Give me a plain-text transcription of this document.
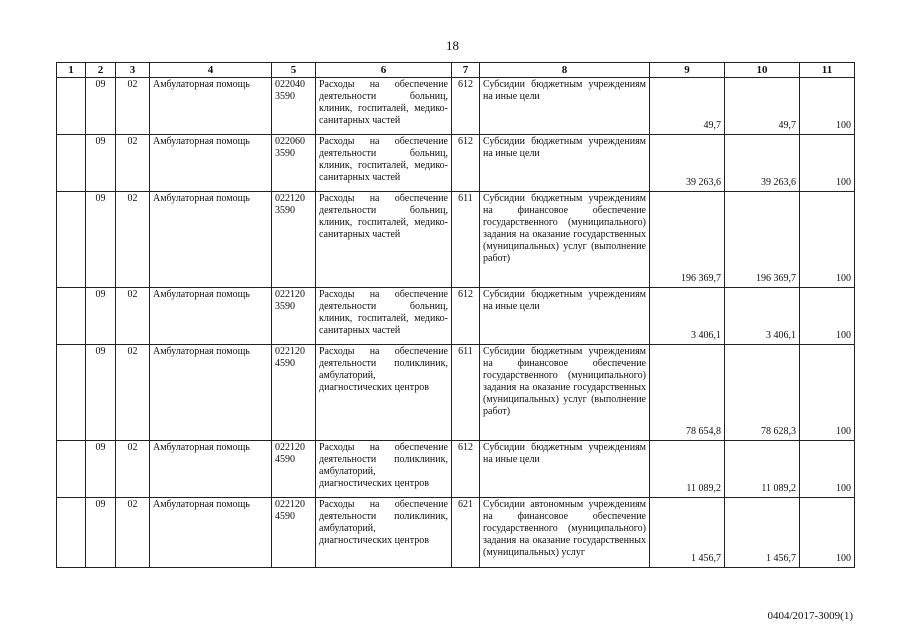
18
1	2	3	4	5	6	7	8	9	10	11
	09	02	Амбулаторная помощь	022040 3590	Расходы на обеспечение деятельности больниц, клиник, госпиталей, медико-санитарных частей	612	Субсидии бюджетным учреждениям на иные цели	49,7	49,7	100
	09	02	Амбулаторная помощь	022060 3590	Расходы на обеспечение деятельности больниц, клиник, госпиталей, медико-санитарных частей	612	Субсидии бюджетным учреждениям на иные цели	39 263,6	39 263,6	100
	09	02	Амбулаторная помощь	022120 3590	Расходы на обеспечение деятельности больниц, клиник, госпиталей, медико-санитарных частей	611	Субсидии бюджетным учреждениям на финансовое обеспечение государственного (муниципального) задания на оказание государственных (муниципальных) услуг (выполнение работ)	196 369,7	196 369,7	100
	09	02	Амбулаторная помощь	022120 3590	Расходы на обеспечение деятельности больниц, клиник, госпиталей, медико-санитарных частей	612	Субсидии бюджетным учреждениям на иные цели	3 406,1	3 406,1	100
	09	02	Амбулаторная помощь	022120 4590	Расходы на обеспечение деятельности поликлиник, амбулаторий, диагностических центров	611	Субсидии бюджетным учреждениям на финансовое обеспечение государственного (муниципального) задания на оказание государственных (муниципальных) услуг (выполнение работ)	78 654,8	78 628,3	100
	09	02	Амбулаторная помощь	022120 4590	Расходы на обеспечение деятельности поликлиник, амбулаторий, диагностических центров	612	Субсидии бюджетным учреждениям на иные цели	11 089,2	11 089,2	100
	09	02	Амбулаторная помощь	022120 4590	Расходы на обеспечение деятельности поликлиник, амбулаторий, диагностических центров	621	Субсидии автономным учреждениям на финансовое обеспечение государственного (муниципального) задания на оказание государственных (муниципальных) услуг	1 456,7	1 456,7	100
0404/2017-3009(1)
